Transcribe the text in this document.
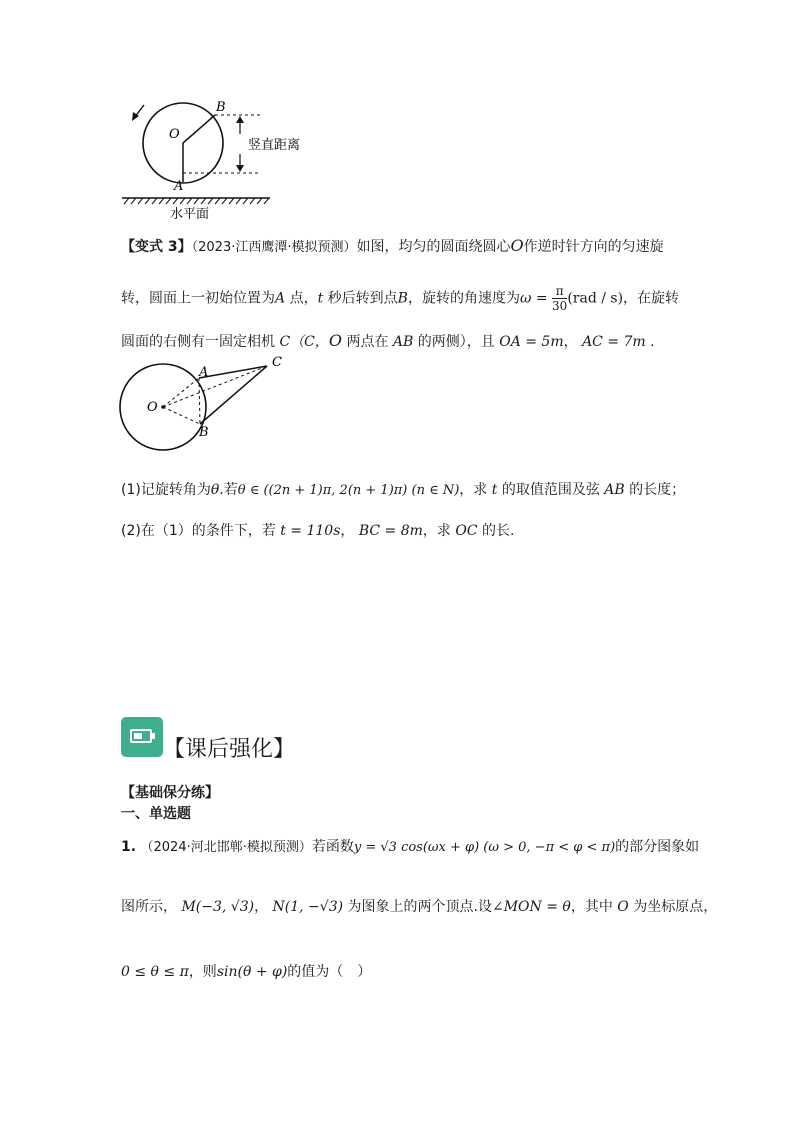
O
B
A
竖直距离
水平面
【变式 3】（2023·江西鹰潭·模拟预测）如图，均匀的圆面绕圆心O作逆时针方向的匀速旋
转，圆面上一初始位置为A 点，t 秒后转到点B，旋转的角速度为$\omega = \frac{\pi}{30} (rad / s)$，在旋转
圆面的右侧有一固定相机 C（C，O 两点在 AB 的两侧），且 OA = 5m， AC = 7m .
O
A
B
C
(1)记旋转角为θ.若θ ∈ ((2n + 1)π, 2(n + 1)π) (n ∈ N)，求 t 的取值范围及弦 AB 的长度；
(2)在（1）的条件下，若 t = 110s， BC = 8m，求 OC 的长.
【课后强化】
【基础保分练】
一、单选题
1. （2024·河北邯郸·模拟预测）若函数y = √3 cos(ωx + φ) (ω > 0, −π < φ < π)的部分图象如
图所示， M(−3, √3)， N(1, −√3) 为图象上的两个顶点.设∠MON = θ，其中 O 为坐标原点，
0 ≤ θ ≤ π，则sin(θ + φ)的值为（　）
